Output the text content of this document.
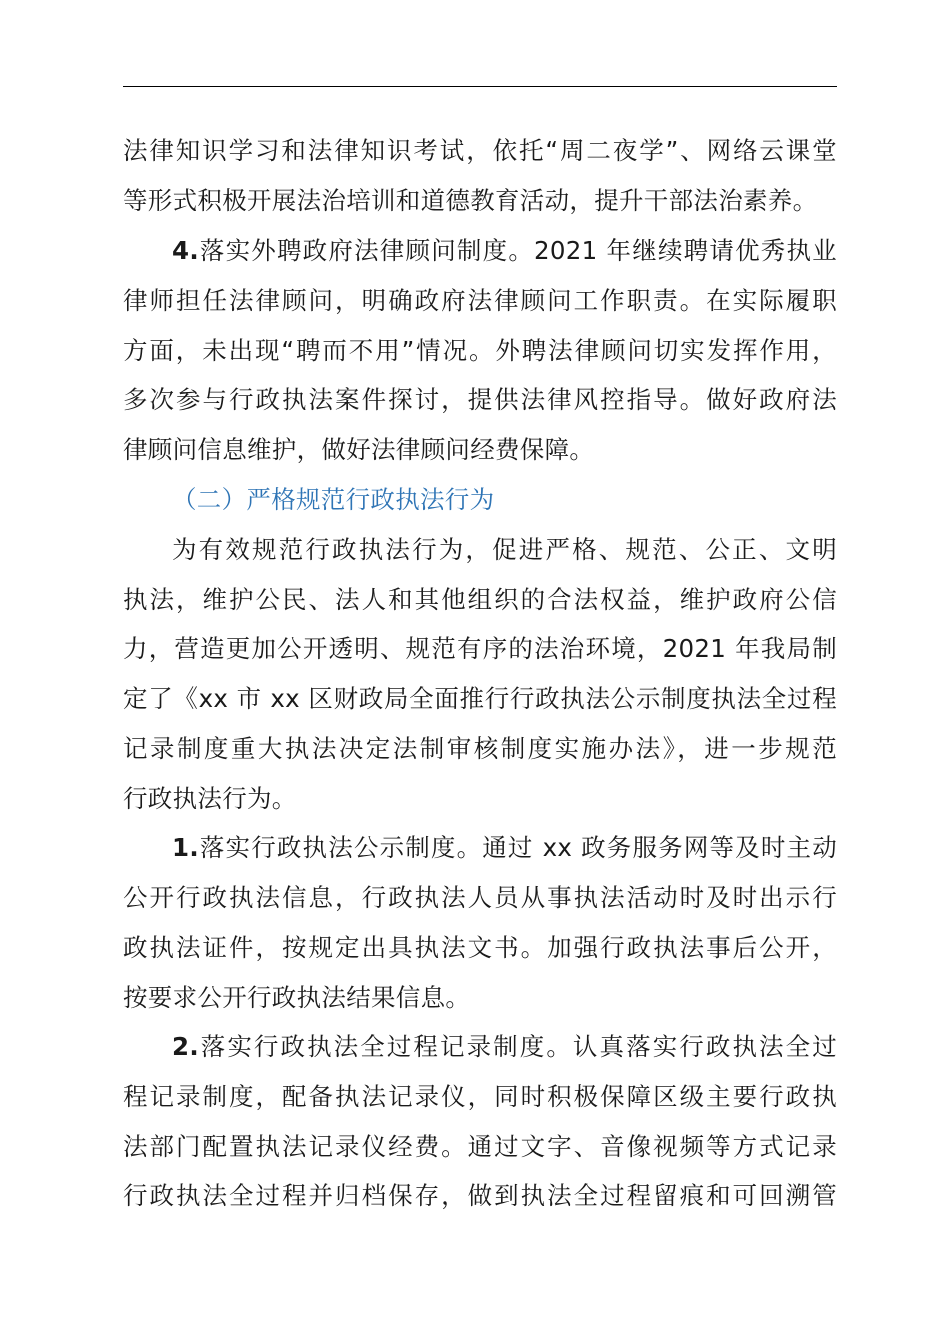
法律知识学习和法律知识考试，依托“周二夜学”、网络云课堂
等形式积极开展法治培训和道德教育活动，提升干部法治素养。
4.落实外聘政府法律顾问制度。2021 年继续聘请优秀执业
律师担任法律顾问，明确政府法律顾问工作职责。在实际履职
方面，未出现“聘而不用”情况。外聘法律顾问切实发挥作用，
多次参与行政执法案件探讨，提供法律风控指导。做好政府法
律顾问信息维护，做好法律顾问经费保障。
（二）严格规范行政执法行为
为有效规范行政执法行为，促进严格、规范、公正、文明
执法，维护公民、法人和其他组织的合法权益，维护政府公信
力，营造更加公开透明、规范有序的法治环境，2021 年我局制
定了《xx 市 xx 区财政局全面推行行政执法公示制度执法全过程
记录制度重大执法决定法制审核制度实施办法》，进一步规范
行政执法行为。
1.落实行政执法公示制度。通过 xx 政务服务网等及时主动
公开行政执法信息，行政执法人员从事执法活动时及时出示行
政执法证件，按规定出具执法文书。加强行政执法事后公开，
按要求公开行政执法结果信息。
2.落实行政执法全过程记录制度。认真落实行政执法全过
程记录制度，配备执法记录仪，同时积极保障区级主要行政执
法部门配置执法记录仪经费。通过文字、音像视频等方式记录
行政执法全过程并归档保存，做到执法全过程留痕和可回溯管
